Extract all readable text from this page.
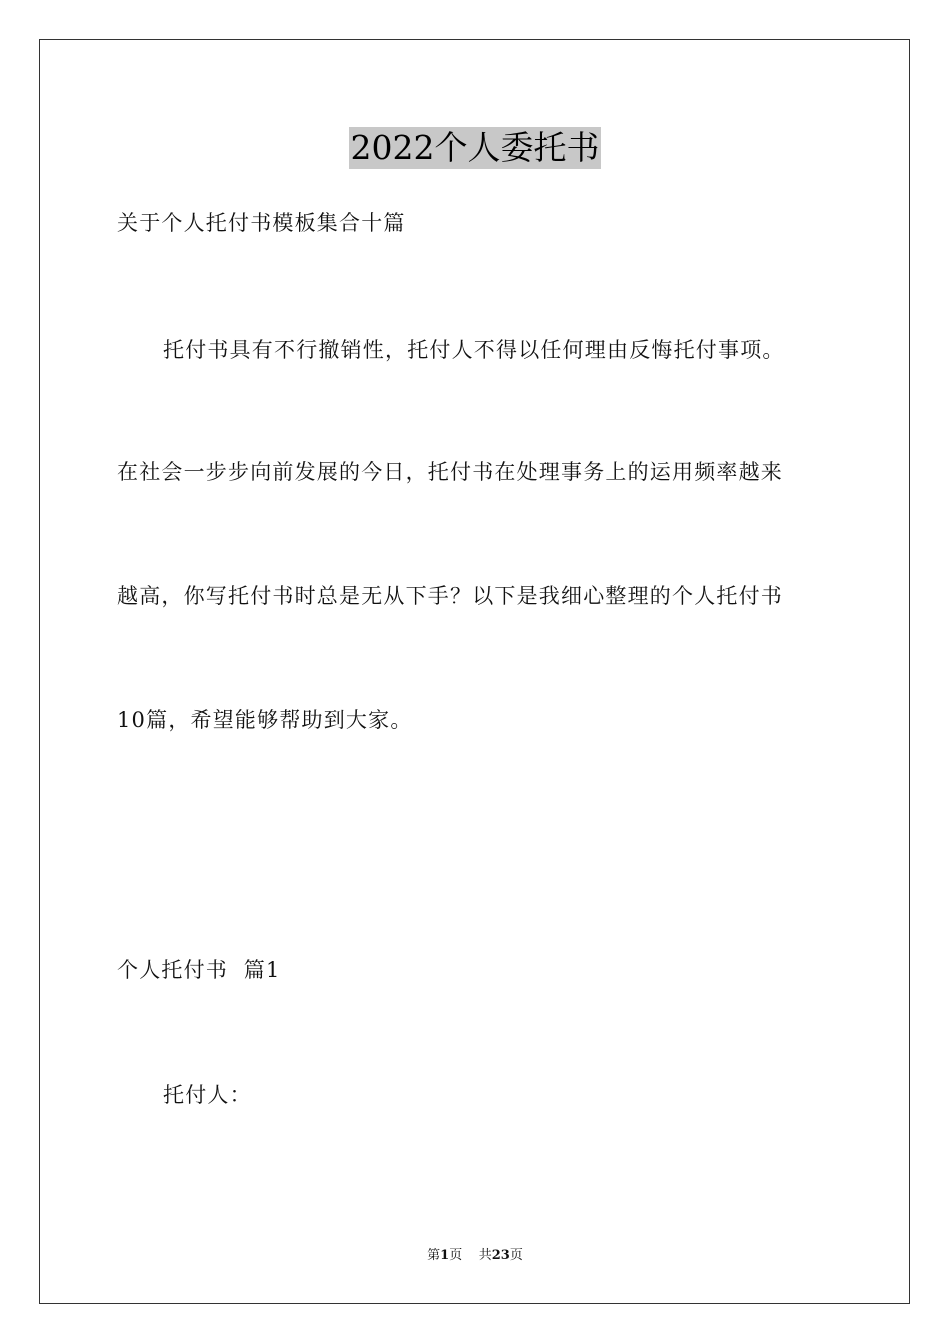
2022个人委托书
关于个人托付书模板集合十篇
托付书具有不行撤销性，托付人不得以任何理由反悔托付事项。
在社会一步步向前发展的今日，托付书在处理事务上的运用频率越来
越高，你写托付书时总是无从下手？以下是我细心整理的个人托付书
10篇，希望能够帮助到大家。
个人托付书  篇1
托付人：
第1页 共23页
